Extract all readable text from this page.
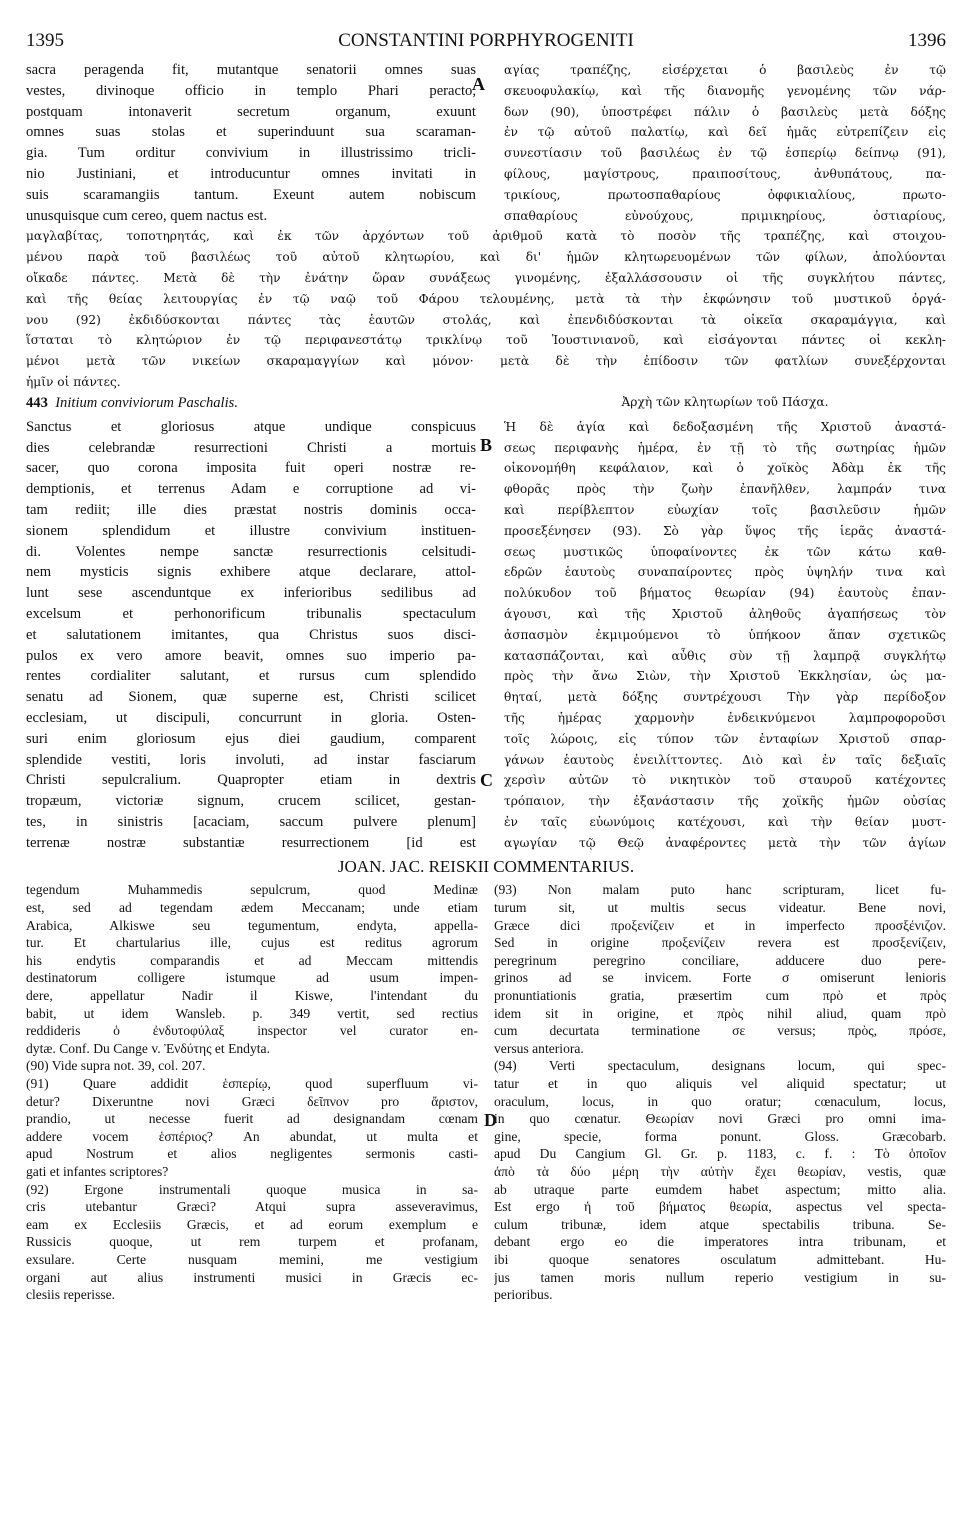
1395	CONSTANTINI PORPHYROGENITI	1396
sacra peragenda fit, mutantque senatorii omnes suas
vestes, divinoque officio in templo Phari peracto,
postquam intonaverit secretum organum, exuunt
omnes suas stolas et superinduunt sua scaraman-
gia. Tum orditur convivium in illustrissimo tricli-
nio Justiniani, et introducuntur omnes invitati in
suis scaramangiis tantum. Exeunt autem nobiscum
unusquisque cum cereo, quem nactus est.
αγίας τραπέζης, εἰσέρχεται ὁ βασιλεὺς ἐν τῷ
σκευοφυλακίῳ, καὶ τῆς διανομῆς γενομένης τῶν νάρ-
δων (90), ὑποστρέφει πάλιν ὁ βασιλεὺς μετὰ δόξης
ἐν τῷ αὐτοῦ παλατίῳ, καὶ δεῖ ἡμᾶς εὐτρεπίζειν εἰς
συνεστίασιν τοῦ βασιλέως ἐν τῷ ἑσπερίῳ δείπνῳ (91),
φίλους, μαγίστρους, πραιποσίτους, ἀνθυπάτους, πα-
τρικίους, πρωτοσπαθαρίους ὀφφικιαλίους, πρωτο-
σπαθαρίους εὐνούχους, πριμικηρίους, ὀστιαρίους,
μαγλαβίτας, τοποτηρητάς, καὶ ἐκ τῶν ἀρχόντων τοῦ ἀριθμοῦ κατὰ τὸ ποσὸν τῆς τραπέζης, καὶ στοιχου-
μένου παρὰ τοῦ βασιλέως τοῦ αὐτοῦ κλητωρίου, καὶ δι' ἡμῶν κλητωρευομένων τῶν φίλων, ἀπολύονται
οἴκαδε πάντες. Μετὰ δὲ τὴν ἐνάτην ὥραν συνάξεως γινομένης, ἐξαλλάσσουσιν οἱ τῆς συγκλήτου πάντες,
καὶ τῆς θείας λειτουργίας ἐν τῷ ναῷ τοῦ Φάρου τελουμένης, μετὰ τὰ τὴν ἐκφώνησιν τοῦ μυστικοῦ ὀργά-
νου (92) ἐκδιδύσκονται πάντες τὰς ἑαυτῶν στολάς, καὶ ἐπενδιδύσκονται τὰ οἰκεῖα σκαραμάγγια, καὶ
ἵσταται τὸ κλητώριον ἐν τῷ περιφανεστάτῳ τρικλίνῳ τοῦ Ἰουστινιανοῦ, καὶ εἰσάγονται πάντες οἱ κεκλη-
μένοι μετὰ τῶν νικείων σκαραμαγγίων καὶ μόνον· μετὰ δὲ τὴν ἐπίδοσιν τῶν φατλίων συνεξέρχονται
ἡμῖν οἱ πάντες.
443 Initium conviviorum Paschalis.	Ἀρχὴ τῶν κλητωρίων τοῦ Πάσχα.
Sanctus et gloriosus atque undique conspicuus
dies celebrandæ resurrectioni Christi a mortuis
sacer, quo corona imposita fuit operi nostræ re-
demptionis, et terrenus Adam e corruptione ad vi-
tam rediit; ille dies præstat nostris dominis occa-
sionem splendidum et illustre convivium instituen-
di. Volentes nempe sanctæ resurrectionis celsitudi-
nem mysticis signis exhibere atque declarare, attol-
lunt sese ascenduntque ex inferioribus sedilibus ad
excelsum et perhonorificum tribunalis spectaculum
et salutationem imitantes, qua Christus suos disci-
pulos ex vero amore beavit, omnes suo imperio pa-
rentes cordialiter salutant, et rursus cum splendido
senatu ad Sionem, quæ superne est, Christi scilicet
ecclesiam, ut discipuli, concurrunt in gloria. Osten-
suri enim gloriosum ejus diei gaudium, comparent
splendide vestiti, loris involuti, ad instar fasciarum
Christi sepulcralium. Quapropter etiam in dextris
tropæum, victoriæ signum, crucem scilicet, gestan-
tes, in sinistris [acaciam, saccum pulvere plenum]
terrenæ nostræ substantiæ resurrectionem [id est
Ἡ δὲ ἁγία καὶ δεδοξασμένη τῆς Χριστοῦ ἀναστά-
σεως περιφανὴς ἡμέρα, ἐν τῇ τὸ τῆς σωτηρίας ἡμῶν
οἰκονομήθη κεφάλαιον, καὶ ὁ χοϊκὸς Ἀδὰμ ἐκ τῆς
φθορᾶς πρὸς τὴν ζωὴν ἐπανῆλθεν, λαμπράν τινα
καὶ περίβλεπτον εὐωχίαν τοῖς βασιλεῦσιν ἡμῶν
προσεξένησεν (93). Σὸ γὰρ ὕψος τῆς ἱερᾶς ἀναστά-
σεως μυστικῶς ὑποφαίνοντες ἐκ τῶν κάτω καθ-
εδρῶν ἑαυτοὺς συναπαίροντες πρὸς ὑψηλήν τινα καὶ
πολύκυδον τοῦ βήματος θεωρίαν (94) ἑαυτοὺς ἐπαν-
άγουσι, καὶ τῆς Χριστοῦ ἀληθοῦς ἀγαπήσεως τὸν
ἀσπασμὸν ἐκμιμούμενοι τὸ ὑπήκοον ἅπαν σχετικῶς
κατασπάζονται, καὶ αὖθις σὺν τῇ λαμπρᾷ συγκλήτῳ
πρὸς τὴν ἄνω Σιὼν, τὴν Χριστοῦ Ἐκκλησίαν, ὡς μα-
θηταί, μετὰ δόξης συντρέχουσι Τὴν γὰρ περίδοξον
τῆς ἡμέρας χαρμονὴν ἐνδεικνύμενοι λαμπροφοροῦσι
τοῖς λώροις, εἰς τύπον τῶν ἐνταφίων Χριστοῦ σπαρ-
γάνων ἑαυτοὺς ἐνειλίττοντες. Διὸ καὶ ἐν ταῖς δεξιαῖς
χερσὶν αὐτῶν τὸ νικητικὸν τοῦ σταυροῦ κατέχοντες
τρόπαιον, τὴν ἐξανάστασιν τῆς χοϊκῆς ἡμῶν οὐσίας
ἐν ταῖς εὐωνύμοις κατέχουσι, καὶ τὴν θείαν μυστ-
αγωγίαν τῷ Θεῷ ἀναφέροντες μετὰ τὴν τῶν ἁγίων
JOAN. JAC. REISKII COMMENTARIUS.
tegendum Muhammedis sepulcrum, quod Medinæ
est, sed ad tegendam ædem Meccanam; unde etiam
Arabica, Alkiswe seu tegumentum, endyta, appella-
tur. Et chartularius ille, cujus est reditus agrorum
his endytis comparandis et ad Meccam mittendis
destinatorum colligere istumque ad usum impen-
dere, appellatur Nadir il Kiswe, l'intendant du
babit, ut idem Wansleb. p. 349 vertit, sed rectius
reddideris ὁ ἐνδυτοφύλαξ inspector vel curator en-
dytæ. Conf. Du Cange v. Ἐνδύτης et Endyta.
(90) Vide supra not. 39, col. 207.
(91) Quare addidit ἑσπερίῳ, quod superfluum vi-
detur? Dixeruntne novi Græci δεῖπνον pro ἄριστον,
prandio, ut necesse fuerit ad designandam cœnam
addere vocem ἑσπέριος? An abundat, ut multa et
apud Nostrum et alios negligentes sermonis casti-
gati et infantes scriptores?
(92) Ergone instrumentali quoque musica in sa-
cris utebantur Græci? Atqui supra asseveravimus,
eam ex Ecclesiis Græcis, et ad eorum exemplum e
Russicis quoque, ut rem turpem et profanam,
exsulare. Certe nusquam memini, me vestigium
organi aut alius instrumenti musici in Græcis ec-
clesiis reperisse.
(93) Non malam puto hanc scripturam, licet fu-
turum sit, ut multis secus videatur. Bene novi,
Græce dici προξενίζειν et in imperfecto προσξένιζον.
Sed in origine προξενίζειν revera est προσξενίζειν,
peregrinum peregrino conciliare, adducere duo pere-
grinos ad se invicem. Forte σ omiserunt lenioris
pronuntiationis gratia, præsertim cum πρὸ et πρὸς
idem sit in origine, et πρὸς nihil aliud, quam πρὸ
cum decurtata terminatione σε versus; πρὸς, πρόσε,
versus anteriora.
(94) Verti spectaculum, designans locum, qui spec-
tatur et in quo aliquis vel aliquid spectatur; ut
oraculum, locus, in quo oratur; cœnaculum, locus,
in quo cœnatur. Θεωρίαν novi Græci pro omni ima-
gine, specie, forma ponunt. Gloss. Græcobarb.
apud Du Cangium Gl. Gr. p. 1183, c. f. : Τὸ ὁποῖον
ἀπὸ τὰ δύο μέρη τὴν αὐτὴν ἔχει θεωρίαν, vestis, quæ
ab utraque parte eumdem habet aspectum; mitto alia.
Est ergo ἡ τοῦ βήματος θεωρία, aspectus vel specta-
culum tribunæ, idem atque spectabilis tribuna. Se-
debant ergo eo die imperatores intra tribunam, et
ibi quoque senatores osculatum admittebant. Hu-
jus tamen moris nullum reperio vestigium in su-
perioribus.
A
B
C
D
